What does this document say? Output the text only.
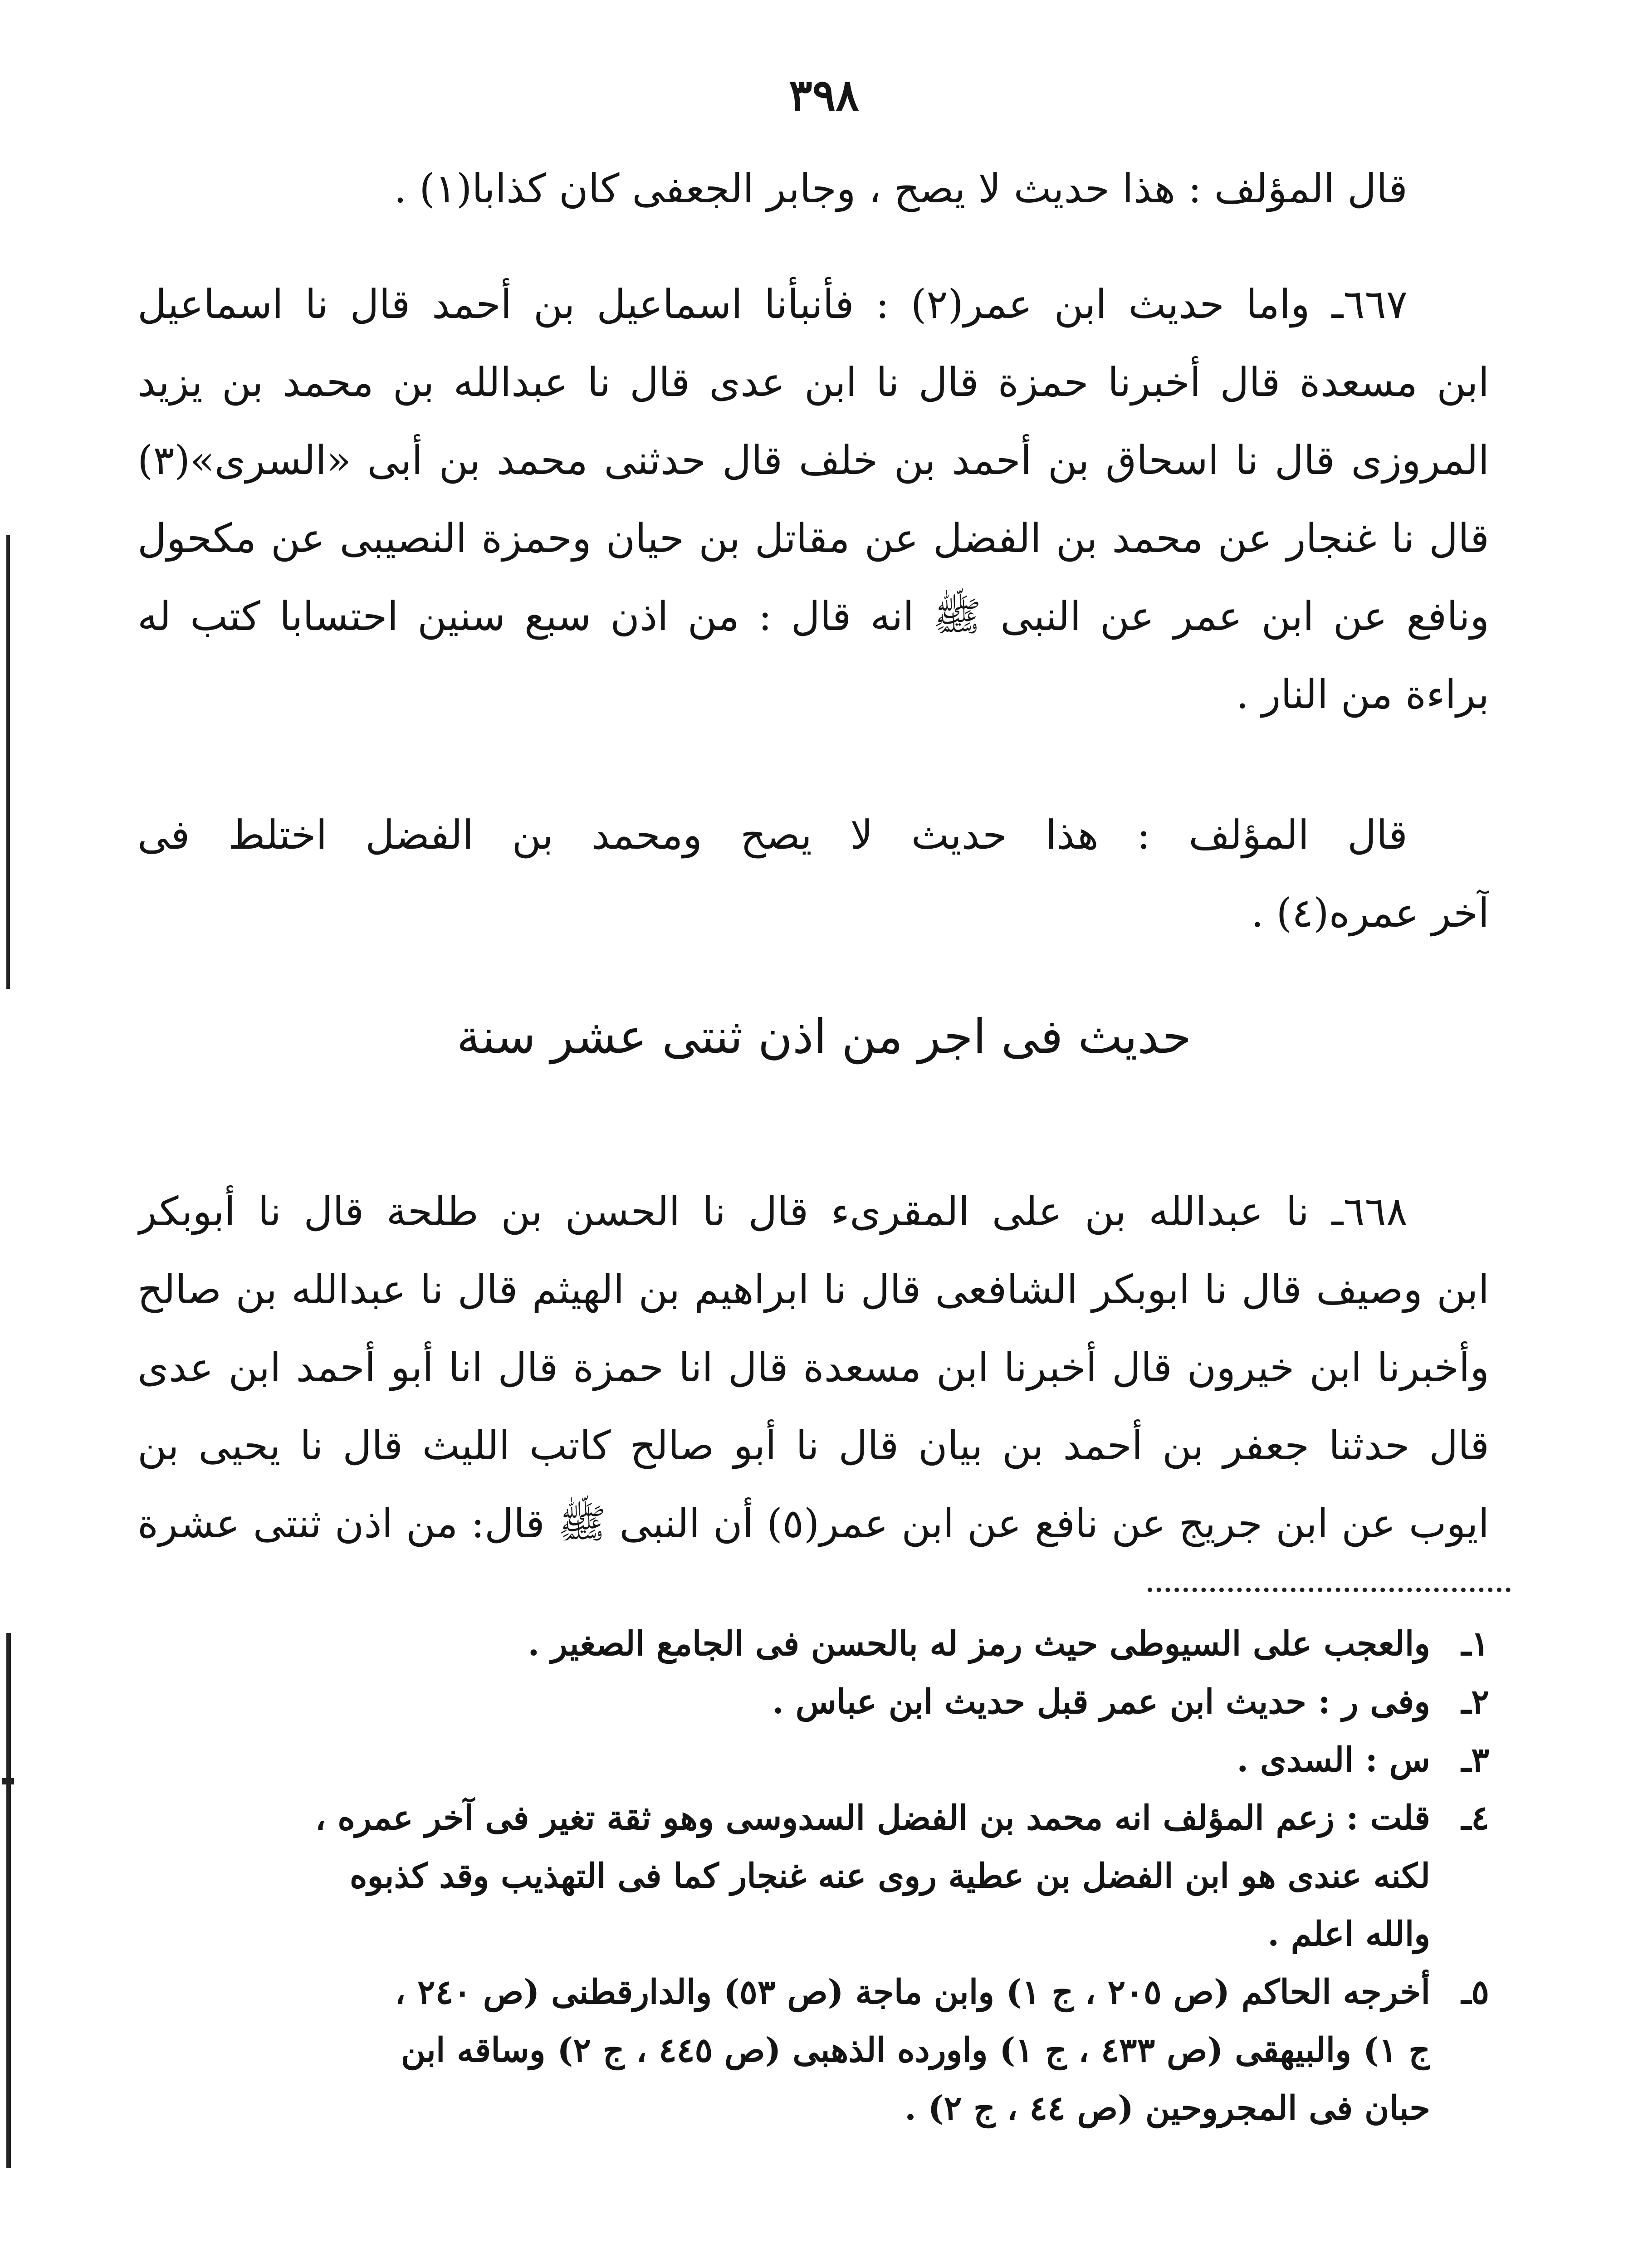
٣٩٨
قال المؤلف : هذا حديث لا يصح ، وجابر الجعفى كان كذابا(١) .
٦٦٧ـ واما حديث ابن عمر(٢) : فأنبأنا اسماعيل بن أحمد قال نا اسماعيل
ابن مسعدة قال أخبرنا حمزة قال نا ابن عدى قال نا عبدالله بن محمد بن يزيد
المروزى قال نا اسحاق بن أحمد بن خلف قال حدثنى محمد بن أبى «السرى»(٣)
قال نا غنجار عن محمد بن الفضل عن مقاتل بن حيان وحمزة النصيبى عن مكحول
ونافع عن ابن عمر عن النبى ﷺ انه قال : من اذن سبع سنين احتسابا كتب له
براءة من النار .
قال المؤلف : هذا حديث لا يصح ومحمد بن الفضل اختلط فى
آخر عمره(٤) .
حديث فى اجر من اذن ثنتى عشر سنة
٦٦٨ـ نا عبدالله بن على المقرىء قال نا الحسن بن طلحة قال نا أبوبكر
ابن وصيف قال نا ابوبكر الشافعى قال نا ابراهيم بن الهيثم قال نا عبدالله بن صالح
وأخبرنا ابن خيرون قال أخبرنا ابن مسعدة قال انا حمزة قال انا أبو أحمد ابن عدى
قال حدثنا جعفر بن أحمد بن بيان قال نا أبو صالح كاتب الليث قال نا يحيى بن
ايوب عن ابن جريج عن نافع عن ابن عمر(٥) أن النبى ﷺ قال: من اذن ثنتى عشرة
١ـ
والعجب على السيوطى حيث رمز له بالحسن فى الجامع الصغير .
٢ـ
وفى ر : حديث ابن عمر قبل حديث ابن عباس .
٣ـ
س : السدى .
٤ـ
قلت : زعم المؤلف انه محمد بن الفضل السدوسى وهو ثقة تغير فى آخر عمره ،
لكنه عندى هو ابن الفضل بن عطية روى عنه غنجار كما فى التهذيب وقد كذبوه
والله اعلم .
٥ـ
أخرجه الحاكم (ص ٢٠٥ ، ج ١) وابن ماجة (ص ٥٣) والدارقطنى (ص ٢٤٠ ،
ج ١) والبيهقى (ص ٤٣٣ ، ج ١) واورده الذهبى (ص ٤٤٥ ، ج ٢) وساقه ابن
حبان فى المجروحين (ص ٤٤ ، ج ٢) .
